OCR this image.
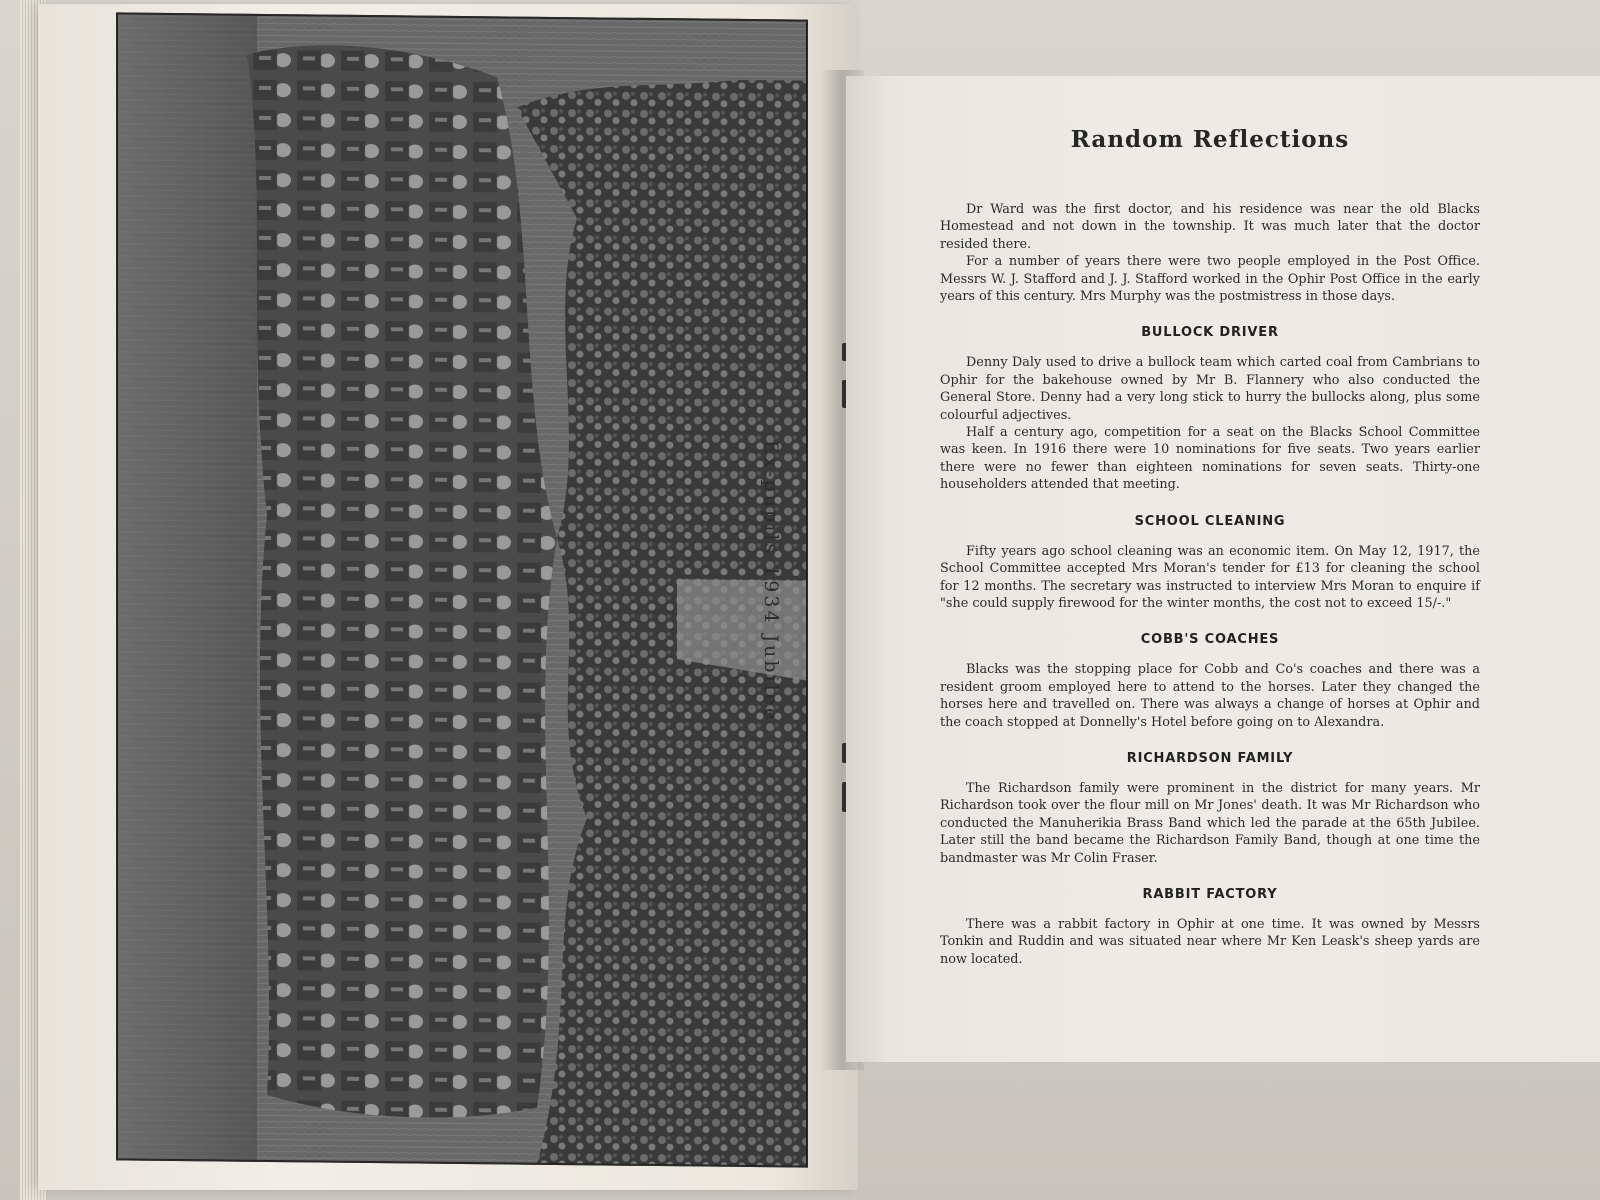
Ex-pupils 1934 Jubilee
Random Reflections

Dr Ward was the first doctor, and his residence was near the old Blacks Homestead and not down in the township. It was much later that the doctor resided there.

For a number of years there were two people employed in the Post Office. Messrs W. J. Stafford and J. J. Stafford worked in the Ophir Post Office in the early years of this century. Mrs Murphy was the postmistress in those days.

BULLOCK DRIVER

Denny Daly used to drive a bullock team which carted coal from Cambrians to Ophir for the bakehouse owned by Mr B. Flannery who also conducted the General Store. Denny had a very long stick to hurry the bullocks along, plus some colourful adjectives.

Half a century ago, competition for a seat on the Blacks School Committee was keen. In 1916 there were 10 nominations for five seats. Two years earlier there were no fewer than eighteen nominations for seven seats. Thirty-one householders attended that meeting.

SCHOOL CLEANING

Fifty years ago school cleaning was an economic item. On May 12, 1917, the School Committee accepted Mrs Moran's tender for £13 for cleaning the school for 12 months. The secretary was instructed to interview Mrs Moran to enquire if "she could supply firewood for the winter months, the cost not to exceed 15/-."

COBB'S COACHES

Blacks was the stopping place for Cobb and Co's coaches and there was a resident groom employed here to attend to the horses. Later they changed the horses here and travelled on. There was always a change of horses at Ophir and the coach stopped at Donnelly's Hotel before going on to Alexandra.

RICHARDSON FAMILY

The Richardson family were prominent in the district for many years. Mr Richardson took over the flour mill on Mr Jones' death. It was Mr Richardson who conducted the Manuherikia Brass Band which led the parade at the 65th Jubilee. Later still the band became the Richardson Family Band, though at one time the bandmaster was Mr Colin Fraser.

RABBIT FACTORY

There was a rabbit factory in Ophir at one time. It was owned by Messrs Tonkin and Ruddin and was situated near where Mr Ken Leask's sheep yards are now located.
